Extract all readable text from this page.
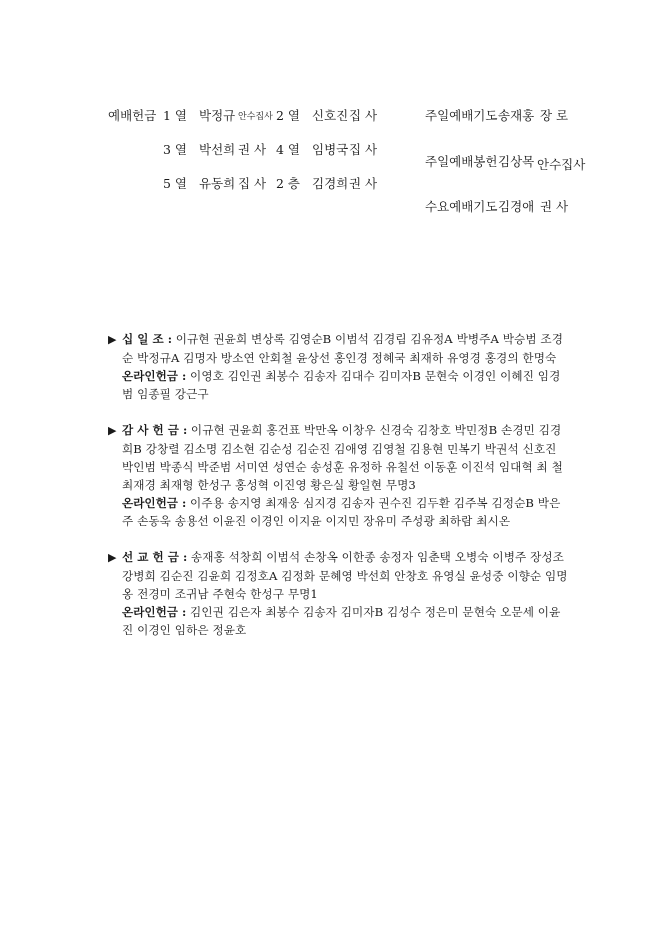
예배헌금 1 열 박정규 안수집사 2 열 신호진 집 사
3 열 박선희 권 사 4 열 임병국 집 사
5 열 유동희 집 사 2 층 김경희 권 사
주일예배기도 송재홍 장 로
주일예배봉헌 김상목 안수집사
수요예배기도 김경애 권 사

▶ 십 일 조 : 이규현 권윤희 변상록 김영순B 이범석 김경림 김유정A 박병주A 박승범 조경순 박정규A 김명자 방소연 안회철 윤상선 홍인경 정혜국 최재하 유영경 홍경의 한명숙

온라인헌금 : 이영호 김인권 최봉수 김송자 김대수 김미자B 문현숙 이경인 이혜진 임경범 임종필 강근구

▶ 감 사 헌 금 : 이규현 권윤희 홍건표 박만옥 이창우 신경숙 김창호 박민정B 손경민 김경희B 강창렬 김소명 김소현 김순성 김순진 김애영 김영철 김용현 민복기 박권석 신호진 박인범 박종식 박준범 서미연 성연순 송성훈 유정하 유칠선 이동훈 이진석 임대혁 최 철 최재경 최재형 한성구 홍성혁 이진영 황은실 황일현 무명3

온라인헌금 : 이주용 송지영 최재웅 심지경 김송자 권수진 김두환 김주복 김정순B 박은주 손동욱 송용선 이윤진 이경인 이지윤 이지민 장유미 주성광 최하람 최시온

▶ 선 교 헌 금 : 송재홍 석창희 이범석 손창옥 이한종 송정자 임춘택 오병숙 이병주 장성조 강병희 김순진 김윤희 김정호A 김정화 문혜영 박선희 안창호 유영실 윤성중 이향순 임명옹 전경미 조귀남 주현숙 한성구 무명1

온라인헌금 : 김인권 김은자 최봉수 김송자 김미자B 김성수 정은미 문현숙 오문세 이윤진 이경인 임하은 정윤호
